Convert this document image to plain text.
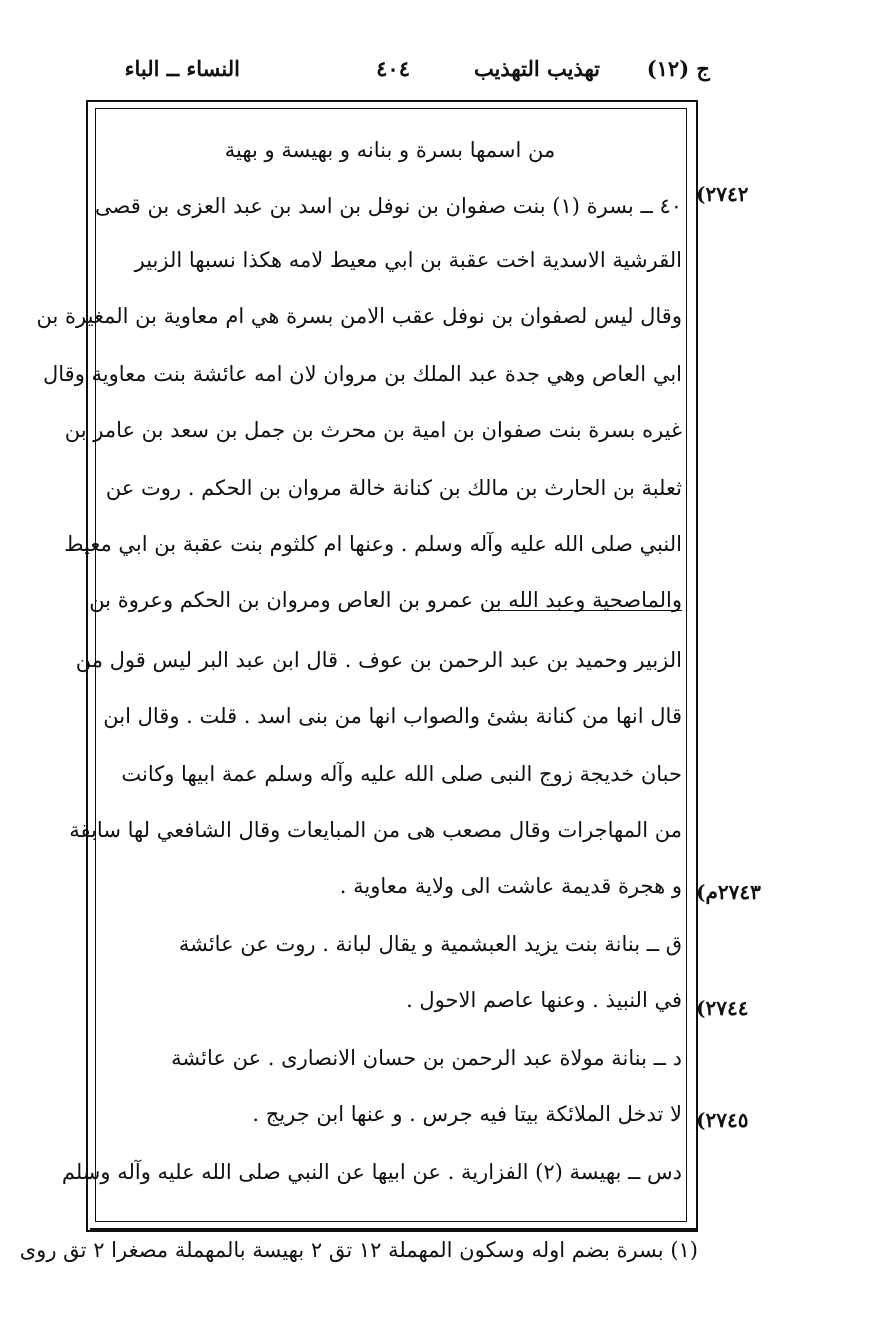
ج (١٢)
تهذيب التهذيب
٤٠٤
النساء ــ الباء
من اسمها بسرة و بنانه و بهيسة و بهية
٤٠ ــ بسرة (١) بنت صفوان بن نوفل بن اسد بن عبد العزى بن قصى
القرشية الاسدية اخت عقبة بن ابي معيط لامه هكذا نسبها الزبير
وقال ليس لصفوان بن نوفل عقب الامن بسرة هي ام معاوية بن المغيرة بن
ابي العاص وهي جدة عبد الملك بن مروان لان امه عائشة بنت معاوية وقال
غيره بسرة بنت صفوان بن امية بن محرث بن جمل بن سعد بن عامر بن
ثعلبة بن الحارث بن مالك بن كنانة خالة مروان بن الحكم . روت عن
النبي صلى الله عليه وآله وسلم . وعنها ام كلثوم بنت عقبة بن ابي معيط
والماصحية وعبد الله بن عمرو بن العاص ومروان بن الحكم وعروة بن
الزبير وحميد بن عبد الرحمن بن عوف . قال ابن عبد البر ليس قول من
قال انها من كنانة بشئ والصواب انها من بنى اسد . قلت . وقال ابن
حبان خديجة زوج النبى صلى الله عليه وآله وسلم عمة ابيها وكانت
من المهاجرات وقال مصعب هى من المبايعات وقال الشافعي لها سابقة
و هجرة قديمة عاشت الى ولاية معاوية .
ق ــ بنانة بنت يزيد العبشمية و يقال لبانة . روت عن عائشة
في النبيذ . وعنها عاصم الاحول .
د ــ بنانة مولاة عبد الرحمن بن حسان الانصارى . عن عائشة
لا تدخل الملائكة بيتا فيه جرس . و عنها ابن جريج .
دس ــ بهيسة (٢) الفزارية . عن ابيها عن النبي صلى الله عليه وآله وسلم
(٢٧٤٢
(٢٧٤٣م
(٢٧٤٤
(٢٧٤٥
(١) بسرة بضم اوله وسكون المهملة ١٢ تق ٢ بهيسة بالمهملة مصغرا ٢ تق روى
